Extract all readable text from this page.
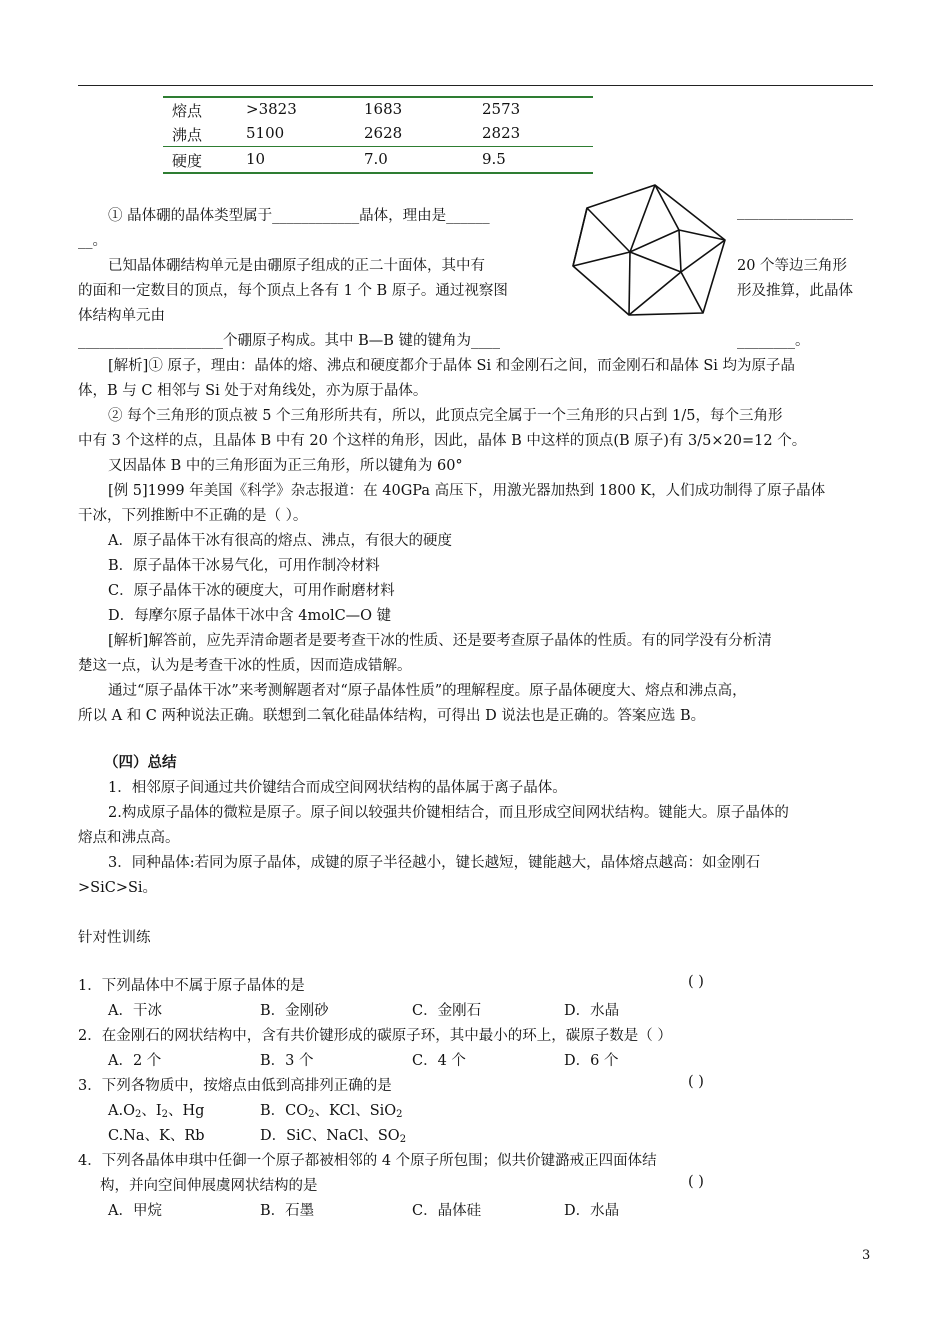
熔点	>3823	1683	2573
沸点	5100	2628	2823
硬度	10	7.0	9.5
① 晶体硼的晶体类型属于____________晶体，理由是______	________________
__。
已知晶体硼结构单元是由硼原子组成的正二十面体，其中有	20 个等边三角形
的面和一定数目的顶点，每个顶点上各有 1 个 B 原子。通过视察图	形及推算，此晶体
体结构单元由
____________________个硼原子构成。其中 B—B 键的键角为____	________。
[解析]① 原子，理由：晶体的熔、沸点和硬度都介于晶体 Si 和金刚石之间，而金刚石和晶体 Si 均为原子晶
体，B 与 C 相邻与 Si 处于对角线处，亦为原于晶体。
② 每个三角形的顶点被 5 个三角形所共有，所以，此顶点完全属于一个三角形的只占到 1/5，每个三角形
中有 3 个这样的点，且晶体 B 中有 20 个这样的角形，因此，晶体 B 中这样的顶点(B 原子)有 3/5×20=12 个。
又因晶体 B 中的三角形面为正三角形，所以键角为 60°
[例 5]1999 年美国《科学》杂志报道：在 40GPa 高压下，用激光器加热到 1800 K，人们成功制得了原子晶体
干冰，下列推断中不正确的是（ ）。
A．原子晶体干冰有很高的熔点、沸点，有很大的硬度
B．原子晶体干冰易气化，可用作制冷材料
C．原子晶体干冰的硬度大，可用作耐磨材料
D．每摩尔原子晶体干冰中含 4molC—O 键
[解析]解答前，应先弄清命题者是要考查干冰的性质、还是要考查原子晶体的性质。有的同学没有分析清
楚这一点，认为是考查干冰的性质，因而造成错解。
通过“原子晶体干冰”来考测解题者对“原子晶体性质”的理解程度。原子晶体硬度大、熔点和沸点高，
所以 A 和 C 两种说法正确。联想到二氧化硅晶体结构，可得出 D 说法也是正确的。答案应选 B。
（四）总结
1．相邻原子间通过共价键结合而成空间网状结构的晶体属于离子晶体。
2.构成原子晶体的微粒是原子。原子间以较强共价键相结合，而且形成空间网状结构。键能大。原子晶体的
熔点和沸点高。
3．同种晶体:若同为原子晶体，成键的原子半径越小，键长越短，键能越大，晶体熔点越高：如金刚石
>SiC>Si。
针对性训练
1．下列晶体中不属于原子晶体的是	( )
A．干冰	B．金刚砂	C．金刚石	D．水晶
2．在金刚石的网状结构中，含有共价键形成的碳原子环，其中最小的环上，碳原子数是（ ）
A．2 个	B．3 个	C．4 个	D．6 个
3．下列各物质中，按熔点由低到高排列正确的是	( )
$A.O_2$、$I_2$、Hg	B．$CO_2$、KCl、SiO$_2$
C.Na、K、Rb	D．SiC、NaCl、$SO_2$
4．下列各晶体申琪中任御一个原子都被相邻的 4 个原子所包围；似共价键潞戒正四面体结
构，并向空间伸展虞网状结构的是	( )
A．甲烷	B．石墨	C．晶体硅	D．水晶
3
